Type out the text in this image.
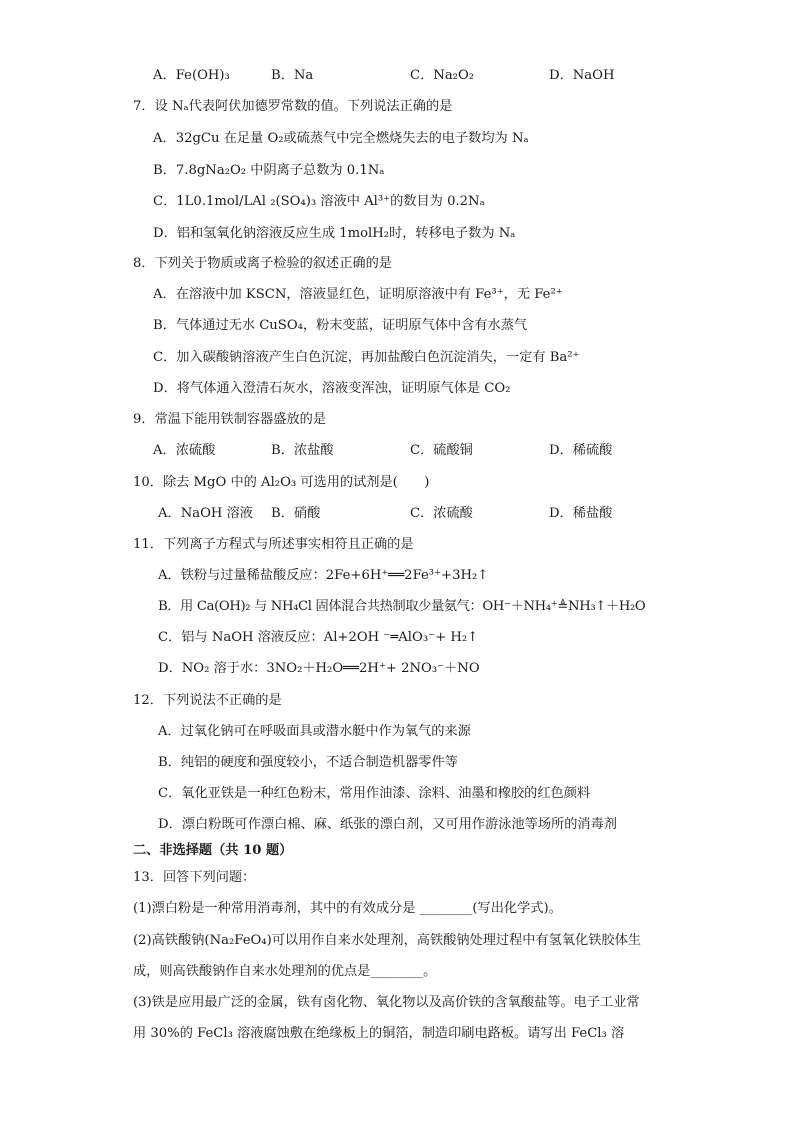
A．Fe(OH)₃	B．Na	C．Na₂O₂	D．NaOH
7．设 Nₐ代表阿伏加德罗常数的值。下列说法正确的是
A．32gCu 在足量 O₂或硫蒸气中完全燃烧失去的电子数均为 Nₐ
B．7.8gNa₂O₂ 中阴离子总数为 0.1Nₐ
C．1L0.1mol/LAl ₂(SO₄)₃ 溶液中 Al³⁺的数目为 0.2Nₐ
D．铝和氢氧化钠溶液反应生成 1molH₂时，转移电子数为 Nₐ
8．下列关于物质或离子检验的叙述正确的是
A．在溶液中加 KSCN，溶液显红色，证明原溶液中有 Fe³⁺，无 Fe²⁺
B．气体通过无水 CuSO₄，粉末变蓝，证明原气体中含有水蒸气
C．加入碳酸钠溶液产生白色沉淀，再加盐酸白色沉淀消失，一定有 Ba²⁺
D．将气体通入澄清石灰水，溶液变浑浊，证明原气体是 CO₂
9．常温下能用铁制容器盛放的是
A．浓硫酸	B．浓盐酸	C．硫酸铜	D．稀硫酸
10．除去 MgO 中的 Al₂O₃ 可选用的试剂是(　　)
A．NaOH 溶液 B．硝酸	C．浓硫酸	D．稀盐酸
11．下列离子方程式与所述事实相符且正确的是
A．铁粉与过量稀盐酸反应：2Fe+6H⁺══2Fe³⁺+3H₂↑
B．用 Ca(OH)₂ 与 NH₄Cl 固体混合共热制取少量氨气：OH⁻＋NH₄⁺≜NH₃↑＋H₂O
C．铝与 NaOH 溶液反应：Al+2OH ⁻═AlO₃⁻+ H₂↑
D．NO₂ 溶于水：3NO₂＋H₂O══2H⁺+ 2NO₃⁻＋NO
12．下列说法不正确的是
A．过氧化钠可在呼吸面具或潜水艇中作为氧气的来源
B．纯铝的硬度和强度较小，不适合制造机器零件等
C．氧化亚铁是一种红色粉末，常用作油漆、涂料、油墨和橡胶的红色颜料
D．漂白粉既可作漂白棉、麻、纸张的漂白剂，又可用作游泳池等场所的消毒剂
二、非选择题（共 10 题）
13．回答下列问题：
(1)漂白粉是一种常用消毒剂，其中的有效成分是 ________(写出化学式)。
(2)高铁酸钠(Na₂FeO₄)可以用作自来水处理剂，高铁酸钠处理过程中有氢氧化铁胶体生
成，则高铁酸钠作自来水处理剂的优点是________。
(3)铁是应用最广泛的金属，铁有卤化物、氧化物以及高价铁的含氧酸盐等。电子工业常
用 30%的 FeCl₃ 溶液腐蚀敷在绝缘板上的铜箔，制造印刷电路板。请写出 FeCl₃ 溶
